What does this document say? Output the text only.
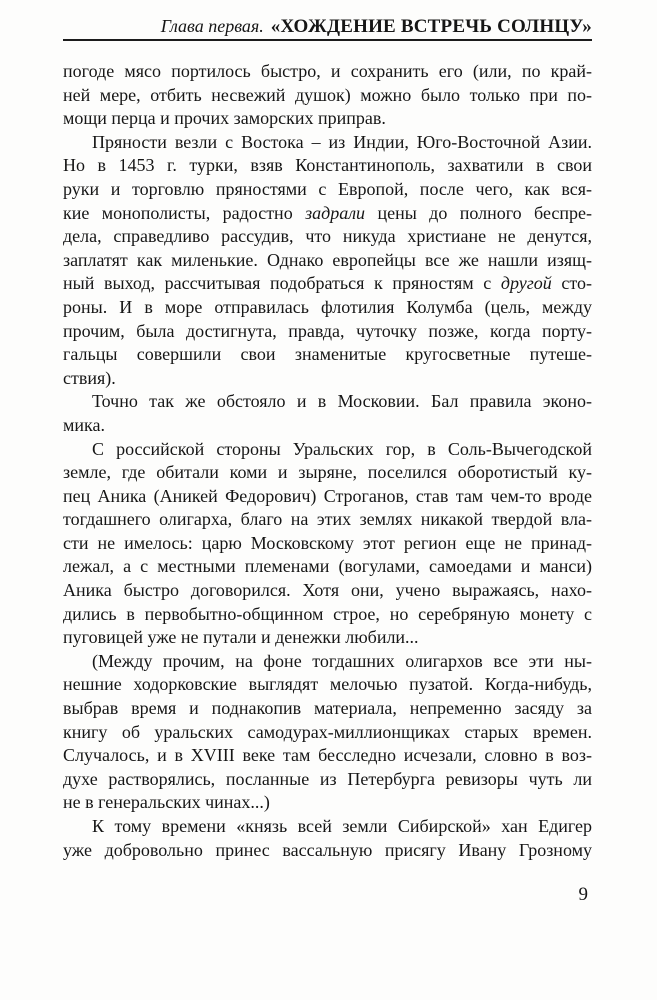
Глава первая. «ХОЖДЕНИЕ ВСТРЕЧЬ СОЛНЦУ»
погоде мясо портилось быстро, и сохранить его (или, по край-
ней мере, отбить несвежий душок) можно было только при по-
мощи перца и прочих заморских приправ.
Пряности везли с Востока – из Индии, Юго-Восточной Азии.
Но в 1453 г. турки, взяв Константинополь, захватили в свои
руки и торговлю пряностями с Европой, после чего, как вся-
кие монополисты, радостно задрали цены до полного беспре-
дела, справедливо рассудив, что никуда христиане не денутся,
заплатят как миленькие. Однако европейцы все же нашли изящ-
ный выход, рассчитывая подобраться к пряностям с другой сто-
роны. И в море отправилась флотилия Колумба (цель, между
прочим, была достигнута, правда, чуточку позже, когда порту-
гальцы совершили свои знаменитые кругосветные путеше-
ствия).
Точно так же обстояло и в Московии. Бал правила эконо-
мика.
С российской стороны Уральских гор, в Соль-Вычегодской
земле, где обитали коми и зыряне, поселился оборотистый ку-
пец Аника (Аникей Федорович) Строганов, став там чем-то вроде
тогдашнего олигарха, благо на этих землях никакой твердой вла-
сти не имелось: царю Московскому этот регион еще не принад-
лежал, а с местными племенами (вогулами, самоедами и манси)
Аника быстро договорился. Хотя они, учено выражаясь, нахо-
дились в первобытно-общинном строе, но серебряную монету с
пуговицей уже не путали и денежки любили...
(Между прочим, на фоне тогдашних олигархов все эти ны-
нешние ходорковские выглядят мелочью пузатой. Когда-нибудь,
выбрав время и поднакопив материала, непременно засяду за
книгу об уральских самодурах-миллионщиках старых времен.
Случалось, и в XVIII веке там бесследно исчезали, словно в воз-
духе растворялись, посланные из Петербурга ревизоры чуть ли
не в генеральских чинах...)
К тому времени «князь всей земли Сибирской» хан Едигер
уже добровольно принес вассальную присягу Ивану Грозному
9
